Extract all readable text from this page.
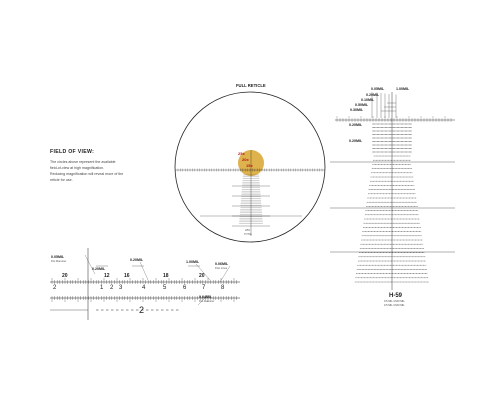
FIELD OF VIEW:
The circles above represent the available
field-of-view at high magnification.
Reducing magnification will reveal more of the
reticle for use.
FULL RETICLE
25x
20x
15x
H59
TOTAL
0.05MIL	1.00MIL
0.20MIL
0.10MIL
0.50MIL
0.30MIL
0.20MIL
0.20MIL
H-59
0.5 MIL 4 MO MIL
0.5 MIL 3 MO MIL
0.05MIL
Dot Diameter
0.20MIL
0.20MIL	1.00MIL	0.06MIL
Post Lines
0.04MIL
Dot Diameter
20	12	16	18	20
2	1 2 3	4	5	6	7	8
2
